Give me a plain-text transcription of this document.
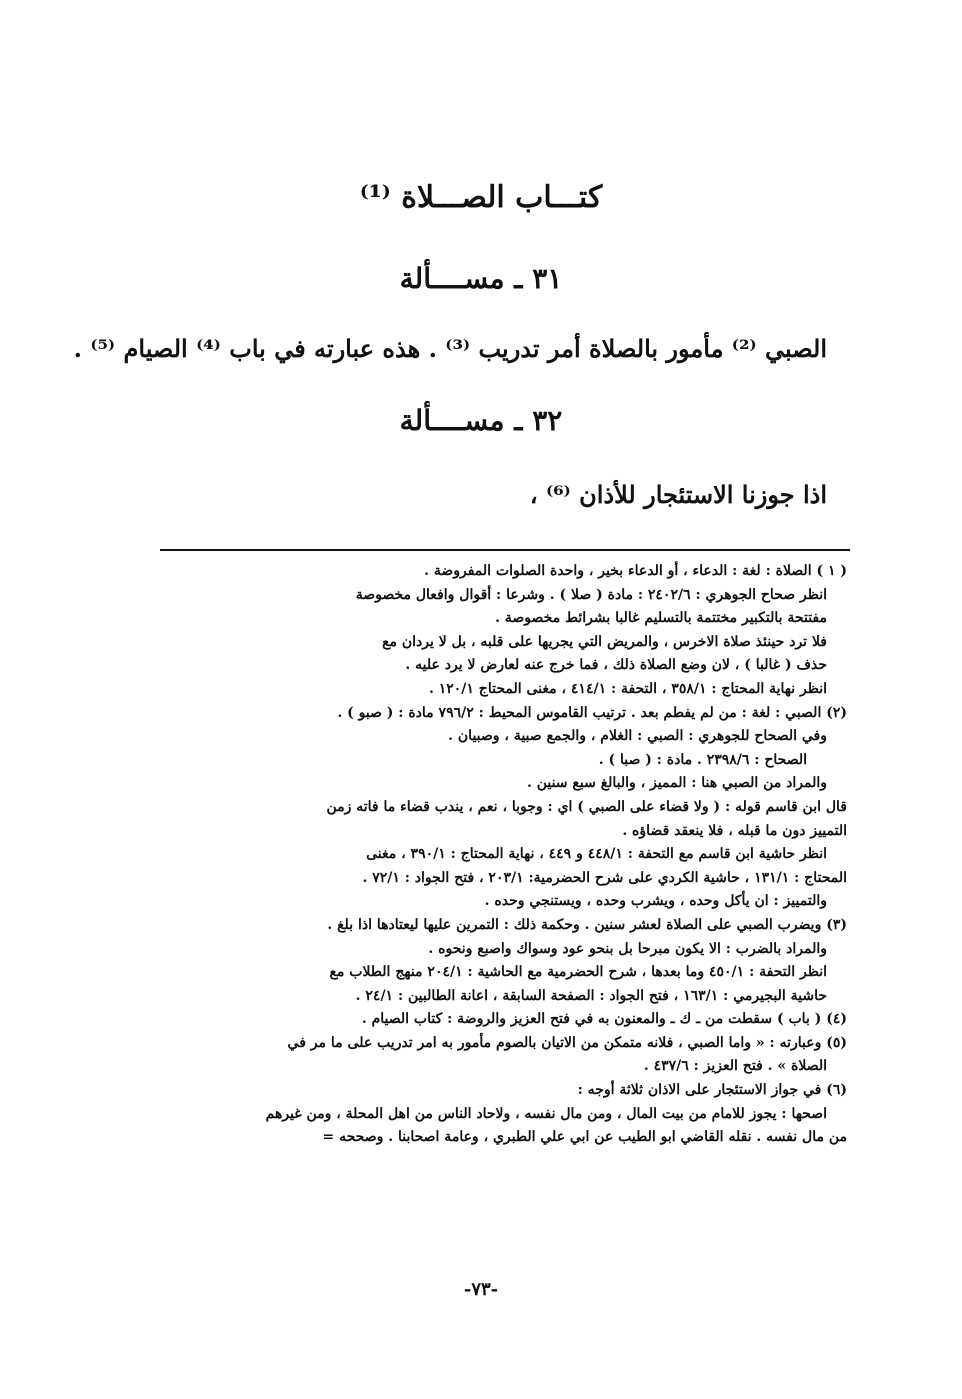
كتـــاب الصـــلاة ⁽¹⁾
٣١ ـ مســــألة
الصبي ⁽²⁾ مأمور بالصلاة أمر تدريب ⁽³⁾ . هذه عبارته في باب ⁽⁴⁾ الصيام ⁽⁵⁾ .
٣٢ ـ مســــألة
اذا جوزنا الاستئجار للأذان ⁽⁶⁾ ،
( ١ ) الصلاة : لغة : الدعاء ، أو الدعاء بخير ، واحدة الصلوات المفروضة .
انظر صحاح الجوهري : ٢٤٠٢/٦ : مادة ( صلا ) . وشرعا : أقوال وافعال مخصوصة
مفتتحة بالتكبير مختتمة بالتسليم غالبا بشرائط مخصوصة .
فلا ترد حينئذ صلاة الاخرس ، والمريض التي يجريها على قلبه ، بل لا يردان مع
حذف ( غالبا ) ، لان وضع الصلاة ذلك ، فما خرج عنه لعارض لا يرد عليه .
انظر نهاية المحتاج : ٣٥٨/١ ، التحفة : ٤١٤/١ ، مغنى المحتاج ١٢٠/١ .
(٢) الصبي : لغة : من لم يفطم بعد . ترتيب القاموس المحيط : ٧٩٦/٢ مادة : ( صبو ) .
وفي الصحاح للجوهري : الصبي : الغلام ، والجمع صبية ، وصبيان .
الصحاح : ٢٣٩٨/٦ . مادة : ( صبا ) .
والمراد من الصبي هنا : المميز ، والبالغ سبع سنين .
قال ابن قاسم قوله : ( ولا قضاء على الصبي ) اي : وجوبا ، نعم ، يندب قضاء ما فاته زمن
التمييز دون ما قبله ، فلا ينعقد قضاؤه .
انظر حاشية ابن قاسم مع التحفة : ٤٤٨/١ و ٤٤٩ ، نهاية المحتاج : ٣٩٠/١ ، مغنى
المحتاج : ١٣١/١ ، حاشية الكردي على شرح الحضرمية: ٢٠٣/١ ، فتح الجواد : ٧٢/١ .
والتمييز : ان يأكل وحده ، ويشرب وحده ، ويستنجي وحده .
(٣) ويضرب الصبي على الصلاة لعشر سنين . وحكمة ذلك : التمرين عليها ليعتادها اذا بلغ .
والمراد بالضرب : الا يكون مبرحا بل بنحو عود وسواك واصبع ونحوه .
انظر التحفة : ٤٥٠/١ وما بعدها ، شرح الحضرمية مع الحاشية : ٢٠٤/١ منهج الطلاب مع
حاشية البجيرمي : ١٦٣/١ ، فتح الجواد : الصفحة السابقة ، اعانة الطالبين : ٢٤/١ .
(٤) ( باب ) سقطت من ـ ك ـ والمعنون به في فتح العزيز والروضة : كتاب الصيام .
(٥) وعبارته : « واما الصبي ، فلانه متمكن من الاتيان بالصوم مأمور به امر تدريب على ما مر في
الصلاة » . فتح العزيز : ٤٣٧/٦ .
(٦) في جواز الاستئجار على الاذان ثلاثة أوجه :
اصحها : يجوز للامام من بيت المال ، ومن مال نفسه ، ولاحاد الناس من اهل المحلة ، ومن غيرهم
من مال نفسه . نقله القاضي ابو الطيب عن ابي علي الطبري ، وعامة اصحابنا . وصححه =
-٧٣-
